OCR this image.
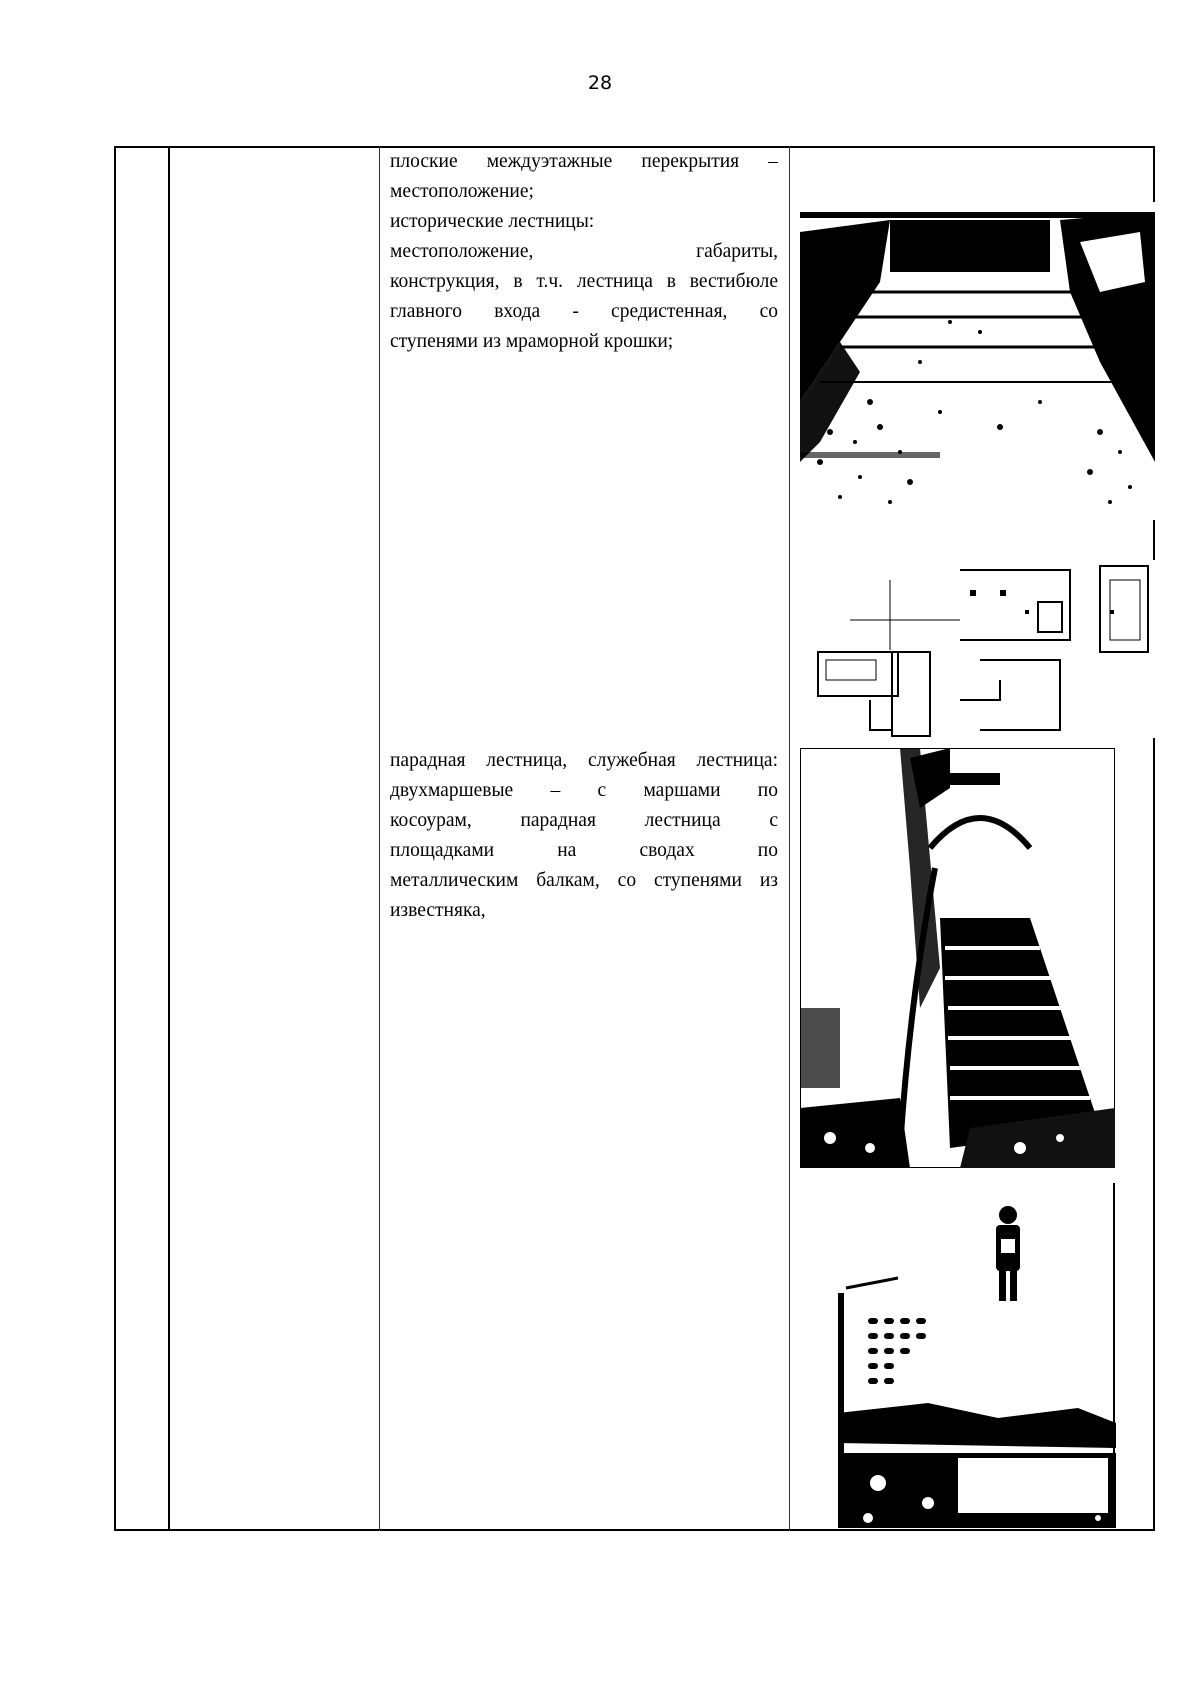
28

плоские междуэтажные перекрытия –

местоположение;

исторические лестницы:

местоположение, габариты,

конструкция, в т.ч. лестница в вестибюле

главного входа - средистенная, со

ступенями из мраморной крошки;

парадная лестница, служебная лестница:

двухмаршевые – с маршами по

косоурам, парадная лестница с

площадками на сводах по

металлическим балкам, со ступенями из

известняка,
